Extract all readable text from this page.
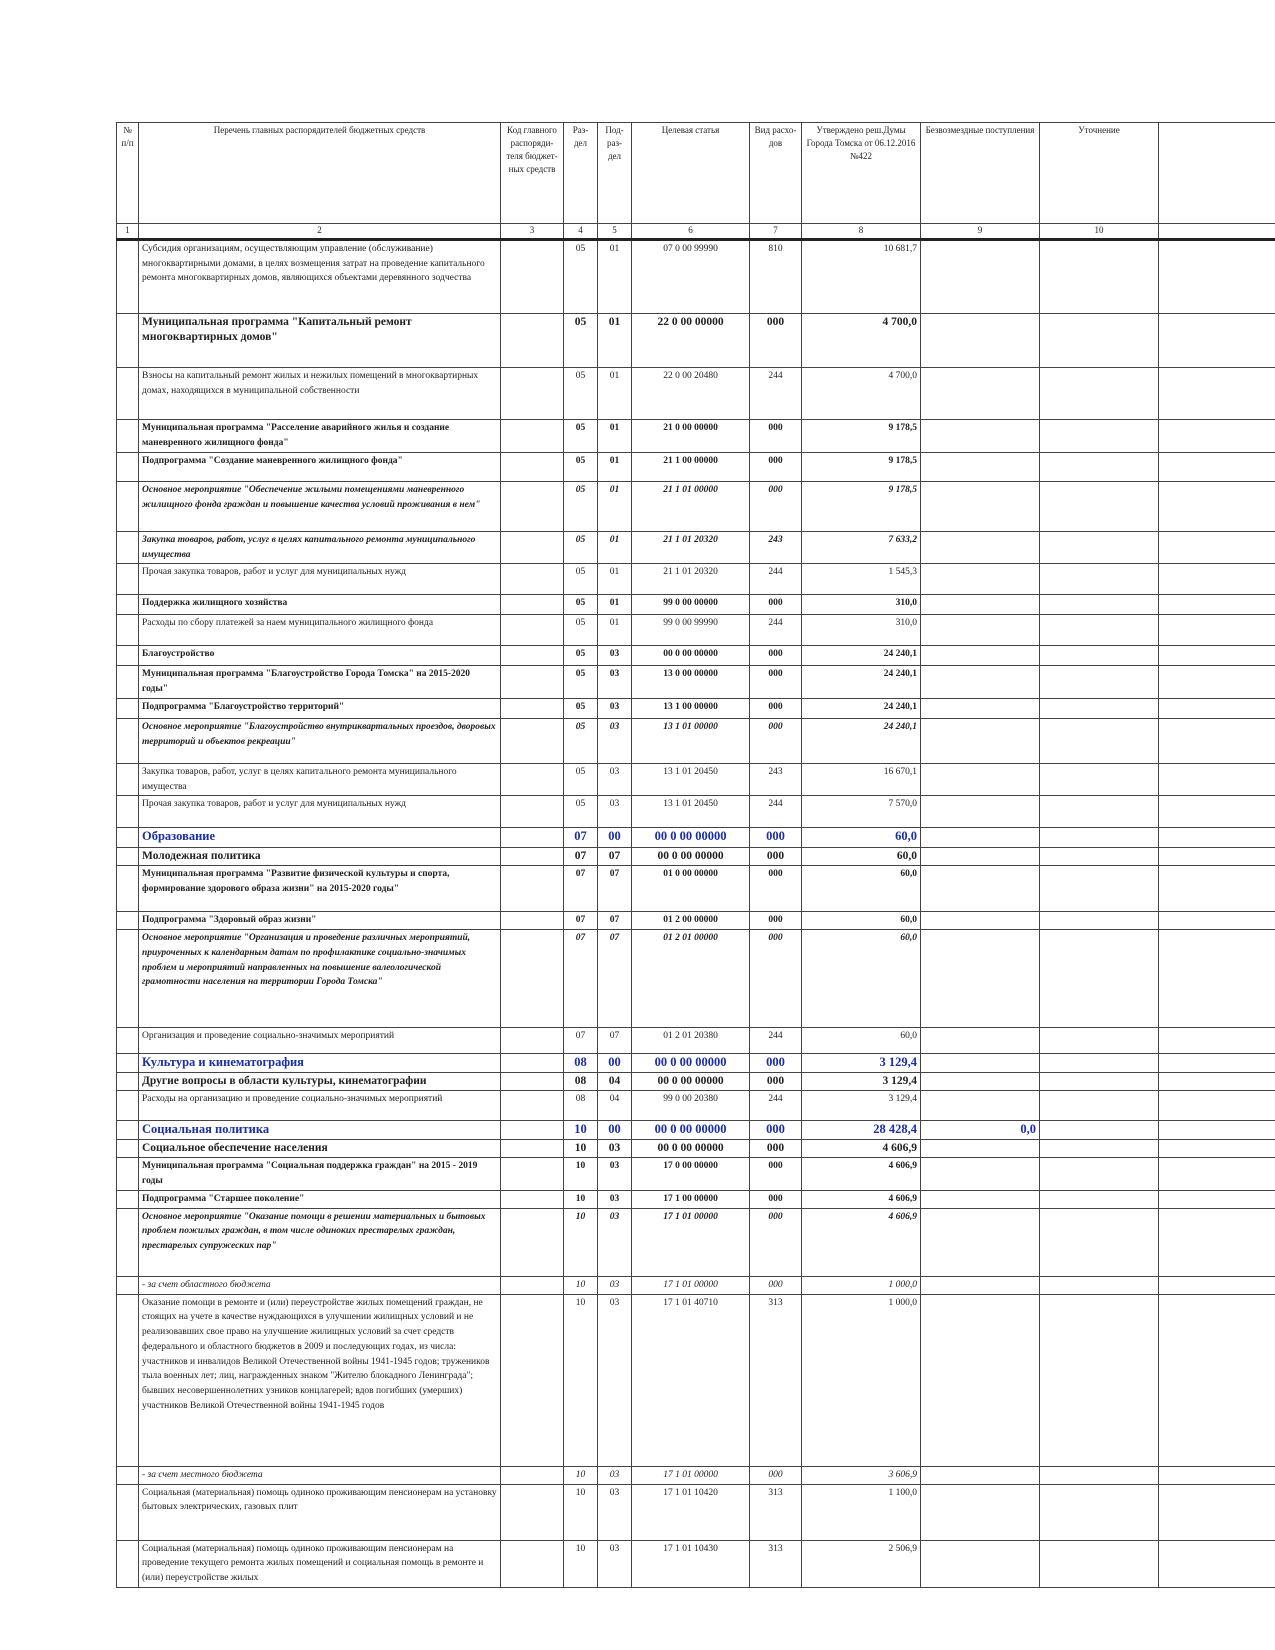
№ п/п	Перечень главных распорядителей бюджетных средств	Код главного распоряди-теля бюджет-ных средств	Раз-дел	Под-раз-дел	Целевая статья	Вид расхо-дов	Утверждено реш.Думы Города Томска от 06.12.2016 №422	Безвозмездные поступления	Уточнение	
1	2	3	4	5	6	7	8	9	10	
	Субсидия организациям, осуществляющим управление (обслуживание) многоквартирными домами, в целях возмещения затрат на проведение капитального ремонта многоквартирных домов, являющихся объектами деревянного зодчества		05	01	07 0 00 99990	810	10 681,7			
	Муниципальная программа "Капитальный ремонт многоквартирных домов"		05	01	22 0 00 00000	000	4 700,0			
	Взносы на капитальный ремонт жилых и нежилых помещений в многоквартирных домах, находящихся в муниципальной собственности		05	01	22 0 00 20480	244	4 700,0			
	Муниципальная программа "Расселение аварийного жилья и создание маневренного жилищного фонда"		05	01	21 0 00 00000	000	9 178,5			
	Подпрограмма "Создание маневренного жилищного фонда"		05	01	21 1 00 00000	000	9 178,5			
	Основное мероприятие "Обеспечение жилыми помещениями маневренного жилищного фонда граждан и повышение качества условий проживания в нем"		05	01	21 1 01 00000	000	9 178,5			
	Закупка товаров, работ, услуг в целях капитального ремонта муниципального имущества		05	01	21 1 01 20320	243	7 633,2			
	Прочая закупка товаров, работ и услуг для муниципальных нужд		05	01	21 1 01 20320	244	1 545,3			
	Поддержка жилищного хозяйства		05	01	99 0 00 00000	000	310,0			
	Расходы по сбору платежей за наем муниципального жилищного фонда		05	01	99 0 00 99990	244	310,0			
	Благоустройство		05	03	00 0 00 00000	000	24 240,1			
	Муниципальная программа "Благоустройство Города Томска" на 2015-2020 годы"		05	03	13 0 00 00000	000	24 240,1			
	Подпрограмма "Благоустройство территорий"		05	03	13 1 00 00000	000	24 240,1			
	Основное мероприятие "Благоустройство внутриквартальных проездов, дворовых территорий и объектов рекреации"		05	03	13 1 01 00000	000	24 240,1			
	Закупка товаров, работ, услуг в целях капитального ремонта муниципального имущества		05	03	13 1 01 20450	243	16 670,1			
	Прочая закупка товаров, работ и услуг для муниципальных нужд		05	03	13 1 01 20450	244	7 570,0			
	Образование		07	00	00 0 00 00000	000	60,0			
	Молодежная политика		07	07	00 0 00 00000	000	60,0			
	Муниципальная программа "Развитие физической культуры и спорта, формирование здорового образа жизни" на 2015-2020 годы"		07	07	01 0 00 00000	000	60,0			
	Подпрограмма "Здоровый образ жизни"		07	07	01 2 00 00000	000	60,0			
	Основное мероприятие "Организация и проведение различных мероприятий, приуроченных к календарным датам по профилактике социально-значимых проблем и мероприятий направленных на повышение валеологической грамотности населения на территории Города Томска"		07	07	01 2 01 00000	000	60,0			
	Организация и проведение социально-значимых мероприятий		07	07	01 2 01 20380	244	60,0			
	Культура и кинематография		08	00	00 0 00 00000	000	3 129,4			
	Другие вопросы в области культуры, кинематографии		08	04	00 0 00 00000	000	3 129,4			
	Расходы на организацию и проведение социально-значимых мероприятий		08	04	99 0 00 20380	244	3 129,4			
	Социальная политика		10	00	00 0 00 00000	000	28 428,4	0,0		
	Социальное обеспечение населения		10	03	00 0 00 00000	000	4 606,9			
	Муниципальная программа "Социальная поддержка граждан" на 2015 - 2019 годы		10	03	17 0 00 00000	000	4 606,9			
	Подпрограмма "Старшее поколение"		10	03	17 1 00 00000	000	4 606,9			
	Основное мероприятие "Оказание помощи в решении материальных и бытовых проблем пожилых граждан, в том числе одиноких престарелых граждан, престарелых супружеских пар"		10	03	17 1 01 00000	000	4 606,9			
	- за счет областного бюджета		10	03	17 1 01 00000	000	1 000,0			
	Оказание помощи в ремонте и (или) переустройстве жилых помещений граждан, не стоящих на учете в качестве нуждающихся в улучшении жилищных условий и не реализовавших свое право на улучшение жилищных условий за счет средств федерального и областного бюджетов в 2009 и последующих годах, из числа: участников и инвалидов Великой Отечественной войны 1941-1945 годов; тружеников тыла военных лет; лиц, награжденных знаком "Жителю блокадного Ленинграда"; бывших несовершеннолетних узников концлагерей; вдов погибших (умерших) участников Великой Отечественной войны 1941-1945 годов		10	03	17 1 01 40710	313	1 000,0			
	- за счет местного бюджета		10	03	17 1 01 00000	000	3 606,9			
	Социальная (материальная) помощь одиноко проживающим пенсионерам на установку бытовых электрических, газовых плит		10	03	17 1 01 10420	313	1 100,0			
	Социальная (материальная) помощь одиноко проживающим пенсионерам на проведение текущего ремонта жилых помещений и социальная помощь в ремонте и (или) переустройстве жилых		10	03	17 1 01 10430	313	2 506,9			
